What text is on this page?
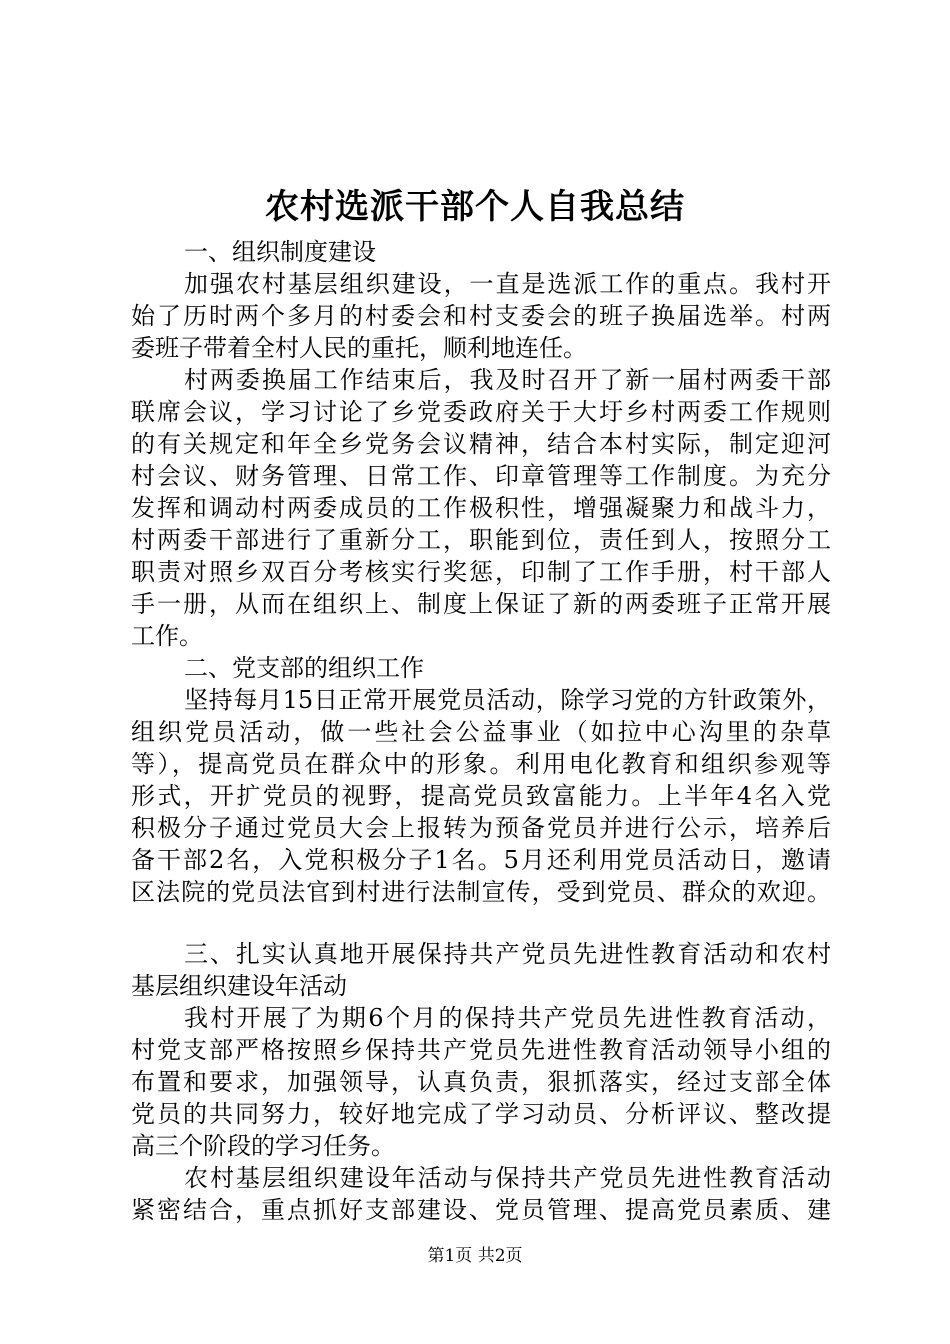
农村选派干部个人自我总结
一、组织制度建设
加强农村基层组织建设，一直是选派工作的重点。我村开
始了历时两个多月的村委会和村支委会的班子换届选举。村两
委班子带着全村人民的重托，顺利地连任。
村两委换届工作结束后，我及时召开了新一届村两委干部
联席会议，学习讨论了乡党委政府关于大圩乡村两委工作规则
的有关规定和年全乡党务会议精神，结合本村实际，制定迎河
村会议、财务管理、日常工作、印章管理等工作制度。为充分
发挥和调动村两委成员的工作极积性，增强凝聚力和战斗力，
村两委干部进行了重新分工，职能到位，责任到人，按照分工
职责对照乡双百分考核实行奖惩，印制了工作手册，村干部人
手一册，从而在组织上、制度上保证了新的两委班子正常开展
工作。
二、党支部的组织工作
坚持每月15日正常开展党员活动，除学习党的方针政策外，
组织党员活动，做一些社会公益事业（如拉中心沟里的杂草
等），提高党员在群众中的形象。利用电化教育和组织参观等
形式，开扩党员的视野，提高党员致富能力。上半年4名入党
积极分子通过党员大会上报转为预备党员并进行公示，培养后
备干部2名，入党积极分子1名。5月还利用党员活动日，邀请
区法院的党员法官到村进行法制宣传，受到党员、群众的欢迎。
三、扎实认真地开展保持共产党员先进性教育活动和农村
基层组织建设年活动
我村开展了为期6个月的保持共产党员先进性教育活动，
村党支部严格按照乡保持共产党员先进性教育活动领导小组的
布置和要求，加强领导，认真负责，狠抓落实，经过支部全体
党员的共同努力，较好地完成了学习动员、分析评议、整改提
高三个阶段的学习任务。
农村基层组织建设年活动与保持共产党员先进性教育活动
紧密结合，重点抓好支部建设、党员管理、提高党员素质、建
第1页 共2页
